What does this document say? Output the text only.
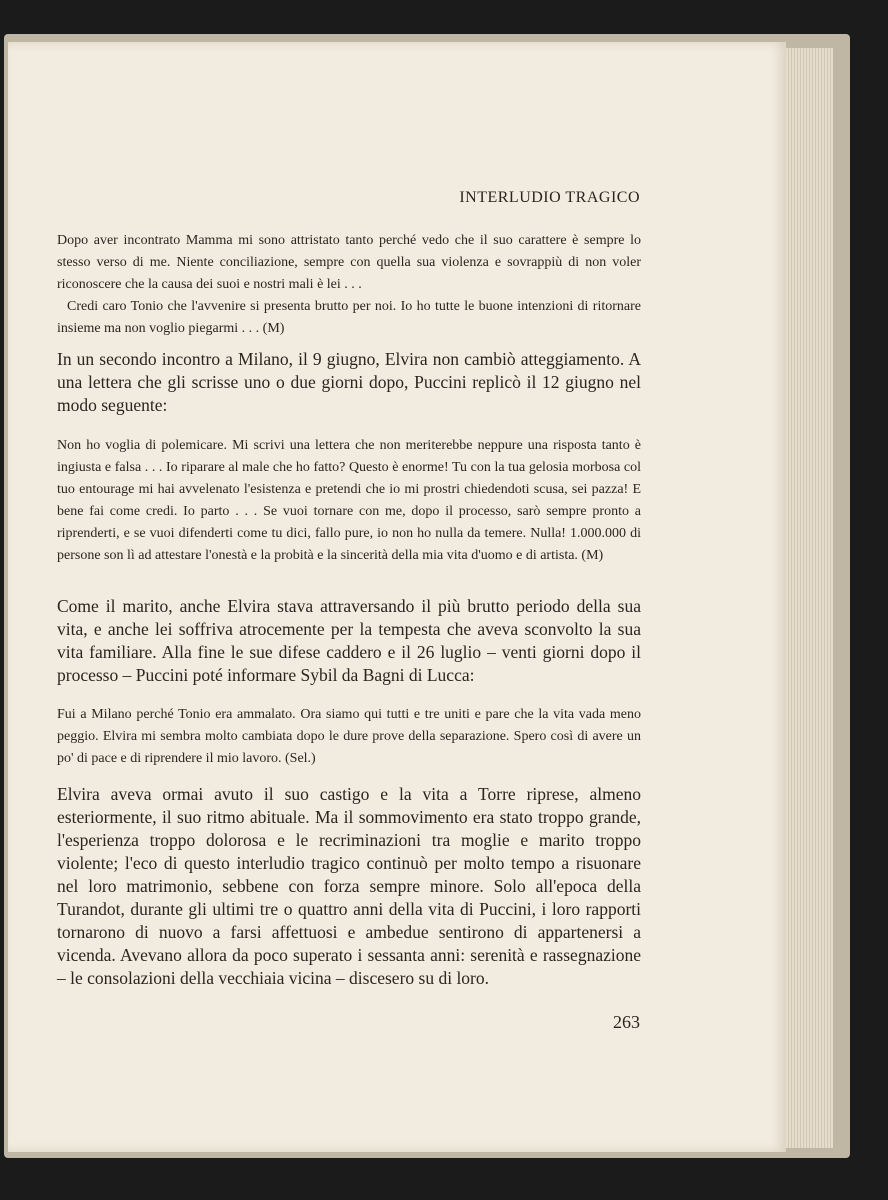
INTERLUDIO TRAGICO

Dopo aver incontrato Mamma mi sono attristato tanto perché vedo che il suo carattere è sempre lo stesso verso di me. Niente conciliazione, sempre con quella sua violenza e sovrappiù di non voler riconoscere che la causa dei suoi e nostri mali è lei . . .

Credi caro Tonio che l'avvenire si presenta brutto per noi. Io ho tutte le buone intenzioni di ritornare insieme ma non voglio piegarmi . . . (M)

In un secondo incontro a Milano, il 9 giugno, Elvira non cambiò atteggiamento. A una lettera che gli scrisse uno o due giorni dopo, Puccini replicò il 12 giugno nel modo seguente:
Non ho voglia di polemicare. Mi scrivi una lettera che non meriterebbe neppure una risposta tanto è ingiusta e falsa . . . Io riparare al male che ho fatto? Questo è enorme! Tu con la tua gelosia morbosa col tuo entourage mi hai avvelenato l'esistenza e pretendi che io mi prostri chiedendoti scusa, sei pazza! E bene fai come credi. Io parto . . . Se vuoi tornare con me, dopo il processo, sarò sempre pronto a riprenderti, e se vuoi difenderti come tu dici, fallo pure, io non ho nulla da temere. Nulla! 1.000.000 di persone son lì ad attestare l'onestà e la probità e la sincerità della mia vita d'uomo e di artista. (M)
Come il marito, anche Elvira stava attraversando il più brutto periodo della sua vita, e anche lei soffriva atrocemente per la tempesta che aveva sconvolto la sua vita familiare. Alla fine le sue difese caddero e il 26 luglio – venti giorni dopo il processo – Puccini poté informare Sybil da Bagni di Lucca:
Fui a Milano perché Tonio era ammalato. Ora siamo qui tutti e tre uniti e pare che la vita vada meno peggio. Elvira mi sembra molto cambiata dopo le dure prove della separazione. Spero così di avere un po' di pace e di riprendere il mio lavoro. (Sel.)
Elvira aveva ormai avuto il suo castigo e la vita a Torre riprese, almeno esteriormente, il suo ritmo abituale. Ma il sommovimento era stato troppo grande, l'esperienza troppo dolorosa e le recriminazioni tra moglie e marito troppo violente; l'eco di questo interludio tragico continuò per molto tempo a risuonare nel loro matrimonio, sebbene con forza sempre minore. Solo all'epoca della Turandot, durante gli ultimi tre o quattro anni della vita di Puccini, i loro rapporti tornarono di nuovo a farsi affettuosi e ambedue sentirono di appartenersi a vicenda. Avevano allora da poco superato i sessanta anni: serenità e rassegnazione – le consolazioni della vecchiaia vicina – discesero su di loro.
263
